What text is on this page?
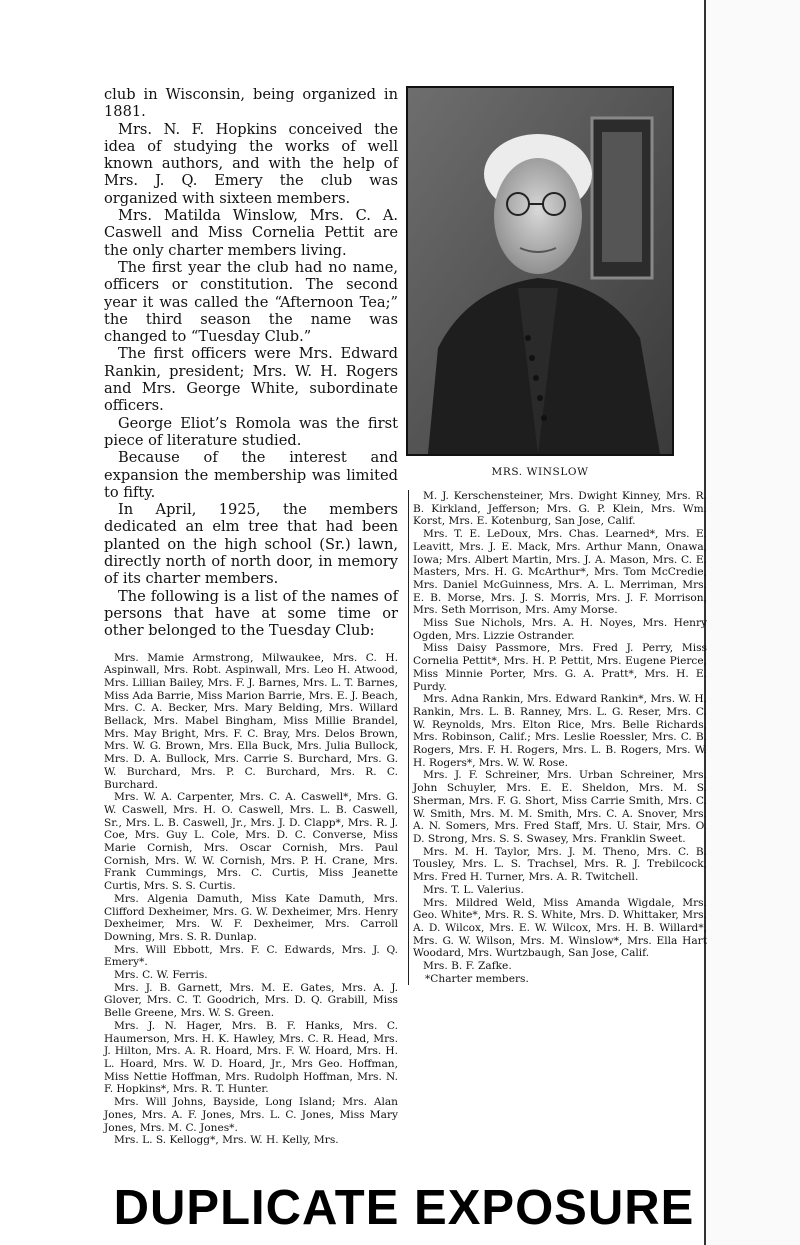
club in Wisconsin, being organized in 1881.

Mrs. N. F. Hopkins conceived the idea of studying the works of well known authors, and with the help of Mrs. J. Q. Emery the club was organized with sixteen members.

Mrs. Matilda Winslow, Mrs. C. A. Caswell and Miss Cornelia Pettit are the only charter members living.

The first year the club had no name, officers or constitution. The second year it was called the “Afternoon Tea;” the third season the name was changed to “Tuesday Club.”

The first officers were Mrs. Edward Rankin, president; Mrs. W. H. Rogers and Mrs. George White, subordinate officers.

George Eliot’s Romola was the first piece of literature studied.

Because of the interest and expansion the membership was limited to fifty.

In April, 1925, the members dedicated an elm tree that had been planted on the high school (Sr.) lawn, directly north of north door, in memory of its charter members.

The following is a list of the names of persons that have at some time or other belonged to the Tuesday Club:

Mrs. Mamie Armstrong, Milwaukee, Mrs. C. H. Aspinwall, Mrs. Robt. Aspinwall, Mrs. Leo H. Atwood, Mrs. Lillian Bailey, Mrs. F. J. Barnes, Mrs. L. T. Barnes, Miss Ada Barrie, Miss Marion Barrie, Mrs. E. J. Beach, Mrs. C. A. Becker, Mrs. Mary Belding, Mrs. Willard Bellack, Mrs. Mabel Bingham, Miss Millie Brandel, Mrs. May Bright, Mrs. F. C. Bray, Mrs. Delos Brown, Mrs. W. G. Brown, Mrs. Ella Buck, Mrs. Julia Bullock, Mrs. D. A. Bullock, Mrs. Carrie S. Burchard, Mrs. G. W. Burchard, Mrs. P. C. Burchard, Mrs. R. C. Burchard.

Mrs. W. A. Carpenter, Mrs. C. A. Caswell*, Mrs. G. W. Caswell, Mrs. H. O. Caswell, Mrs. L. B. Caswell, Sr., Mrs. L. B. Caswell, Jr., Mrs. J. D. Clapp*, Mrs. R. J. Coe, Mrs. Guy L. Cole, Mrs. D. C. Converse, Miss Marie Cornish, Mrs. Oscar Cornish, Mrs. Paul Cornish, Mrs. W. W. Cornish, Mrs. P. H. Crane, Mrs. Frank Cummings, Mrs. C. Curtis, Miss Jeanette Curtis, Mrs. S. S. Curtis.

Mrs. Algenia Damuth, Miss Kate Damuth, Mrs. Clifford Dexheimer, Mrs. G. W. Dexheimer, Mrs. Henry Dexheimer, Mrs. W. F. Dexheimer, Mrs. Carroll Downing, Mrs. S. R. Dunlap.

Mrs. Will Ebbott, Mrs. F. C. Edwards, Mrs. J. Q. Emery*.

Mrs. C. W. Ferris.

Mrs. J. B. Garnett, Mrs. M. E. Gates, Mrs. A. J. Glover, Mrs. C. T. Goodrich, Mrs. D. Q. Grabill, Miss Belle Greene, Mrs. W. S. Green.

Mrs. J. N. Hager, Mrs. B. F. Hanks, Mrs. C. Haumerson, Mrs. H. K. Hawley, Mrs. C. R. Head, Mrs. J. Hilton, Mrs. A. R. Hoard, Mrs. F. W. Hoard, Mrs. H. L. Hoard, Mrs. W. D. Hoard, Jr., Mrs Geo. Hoffman, Miss Nettie Hoffman, Mrs. Rudolph Hoffman, Mrs. N. F. Hopkins*, Mrs. R. T. Hunter.

Mrs. Will Johns, Bayside, Long Island; Mrs. Alan Jones, Mrs. A. F. Jones, Mrs. L. C. Jones, Miss Mary Jones, Mrs. M. C. Jones*.

Mrs. L. S. Kellogg*, Mrs. W. H. Kelly, Mrs.

MRS. WINSLOW

M. J. Kerschensteiner, Mrs. Dwight Kinney, Mrs. R. B. Kirkland, Jefferson; Mrs. G. P. Klein, Mrs. Wm. Korst, Mrs. E. Kotenburg, San Jose, Calif.

Mrs. T. E. LeDoux, Mrs. Chas. Learned*, Mrs. E. Leavitt, Mrs. J. E. Mack, Mrs. Arthur Mann, Onawa, Iowa; Mrs. Albert Martin, Mrs. J. A. Mason, Mrs. C. E. Masters, Mrs. H. G. McArthur*, Mrs. Tom McCredie, Mrs. Daniel McGuinness, Mrs. A. L. Merriman, Mrs. E. B. Morse, Mrs. J. S. Morris, Mrs. J. F. Morrison, Mrs. Seth Morrison, Mrs. Amy Morse.

Miss Sue Nichols, Mrs. A. H. Noyes, Mrs. Henry Ogden, Mrs. Lizzie Ostrander.

Miss Daisy Passmore, Mrs. Fred J. Perry, Miss Cornelia Pettit*, Mrs. H. P. Pettit, Mrs. Eugene Pierce, Miss Minnie Porter, Mrs. G. A. Pratt*, Mrs. H. E. Purdy.

Mrs. Adna Rankin, Mrs. Edward Rankin*, Mrs. W. H. Rankin, Mrs. L. B. Ranney, Mrs. L. G. Reser, Mrs. C. W. Reynolds, Mrs. Elton Rice, Mrs. Belle Richards, Mrs. Robinson, Calif.; Mrs. Leslie Roessler, Mrs. C. B. Rogers, Mrs. F. H. Rogers, Mrs. L. B. Rogers, Mrs. W. H. Rogers*, Mrs. W. W. Rose.

Mrs. J. F. Schreiner, Mrs. Urban Schreiner, Mrs. John Schuyler, Mrs. E. E. Sheldon, Mrs. M. S. Sherman, Mrs. F. G. Short, Miss Carrie Smith, Mrs. C. W. Smith, Mrs. M. M. Smith, Mrs. C. A. Snover, Mrs. A. N. Somers, Mrs. Fred Staff, Mrs. U. Stair, Mrs. O. D. Strong, Mrs. S. S. Swasey, Mrs. Franklin Sweet.

Mrs. M. H. Taylor, Mrs. J. M. Theno, Mrs. C. B. Tousley, Mrs. L. S. Trachsel, Mrs. R. J. Trebilcock, Mrs. Fred H. Turner, Mrs. A. R. Twitchell.

Mrs. T. L. Valerius.

Mrs. Mildred Weld, Miss Amanda Wigdale, Mrs. Geo. White*, Mrs. R. S. White, Mrs. D. Whittaker, Mrs. A. D. Wilcox, Mrs. E. W. Wilcox, Mrs. H. B. Willard*, Mrs. G. W. Wilson, Mrs. M. Winslow*, Mrs. Ella Hart Woodard, Mrs. Wurtzbaugh, San Jose, Calif.

Mrs. B. F. Zafke.

*Charter members.

DUPLICATE EXPOSURE
